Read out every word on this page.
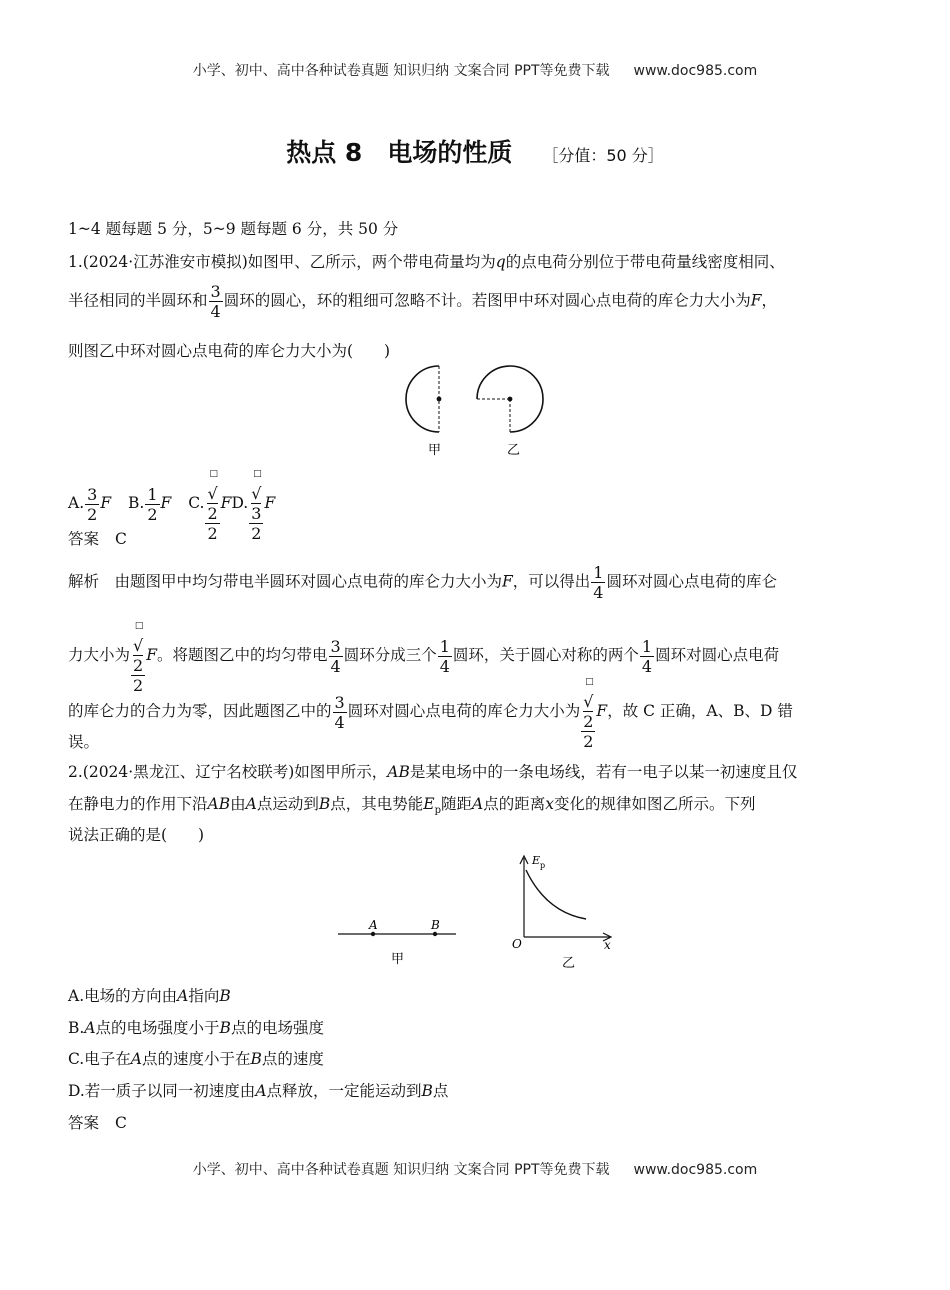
小学、初中、高中各种试卷真题 知识归纳 文案合同 PPT等免费下载 www.doc985.com
热点 8　电场的性质 ［分值：50 分］
1~4 题每题 5 分，5~9 题每题 6 分，共 50 分
1.(2024·江苏淮安市模拟)如图甲、乙所示，两个带电荷量均为q的点电荷分别位于带电荷量线密度相同、
半径相同的半圆环和 $\frac{3}{4}$ 圆环的圆心，环的粗细可忽略不计。若图甲中环对圆心点电荷的库仑力大小为F，
则图乙中环对圆心点电荷的库仑力大小为(　　)
甲	乙
A. $\frac{3}{2}$ F B. $\frac{1}{2}$ F C. □
√
2
2 FD. □
√
3
2 F
答案 C
解析　由题图甲中均匀带电半圆环对圆心点电荷的库仑力大小为F，可以得出 $\frac{1}{4}$ 圆环对圆心点电荷的库仑
力大小为 □
√
2
2 F。将题图乙中的均匀带电 $\frac{3}{4}$ 圆环分成三个 $\frac{1}{4}$ 圆环，关于圆心对称的两个 $\frac{1}{4}$ 圆环对圆心点电荷
的库仑力的合力为零，因此题图乙中的 $\frac{3}{4}$ 圆环对圆心点电荷的库仑力大小为 □
√
2
2 F，故 C 正确，A、B、D 错
误。
2.(2024·黑龙江、辽宁名校联考)如图甲所示，AB是某电场中的一条电场线，若有一电子以某一初速度且仅
在静电力的作用下沿AB由A点运动到B点，其电势能$E_p$随距A点的距离x变化的规律如图乙所示。下列
说法正确的是(　　)
A	B
甲
E p
O	x
乙
A.电场的方向由A指向B
B.A点的电场强度小于B点的电场强度
C.电子在A点的速度小于在B点的速度
D.若一质子以同一初速度由A点释放，一定能运动到B点
答案 C
小学、初中、高中各种试卷真题 知识归纳 文案合同 PPT等免费下载 www.doc985.com
